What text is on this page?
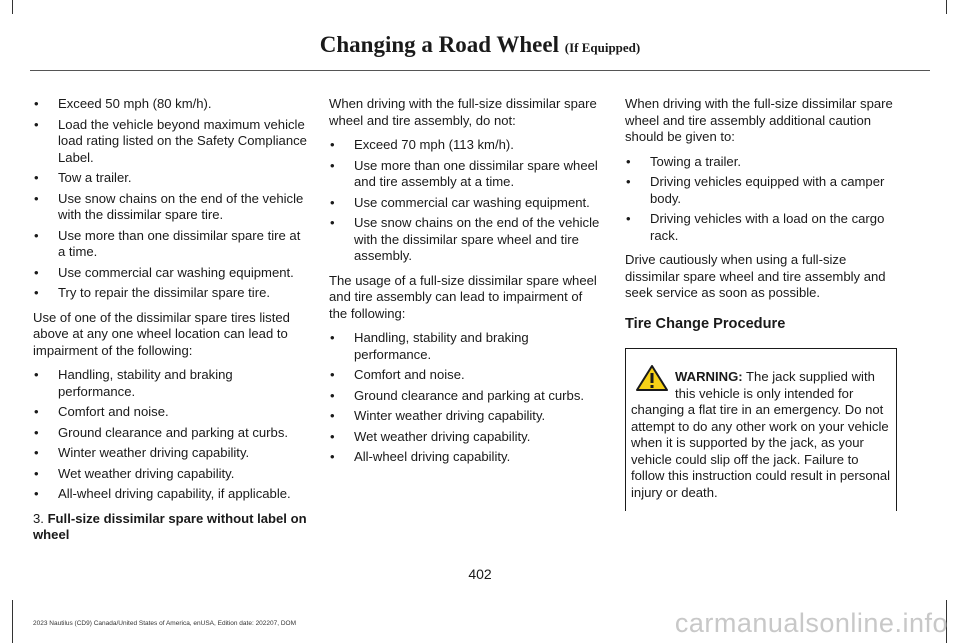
Changing a Road Wheel (If Equipped)
• Exceed 50 mph (80 km/h).
• Load the vehicle beyond maximum vehicle load rating listed on the Safety Compliance Label.
• Tow a trailer.
• Use snow chains on the end of the vehicle with the dissimilar spare tire.
• Use more than one dissimilar spare tire at a time.
• Use commercial car washing equipment.
• Try to repair the dissimilar spare tire.

Use of one of the dissimilar spare tires listed above at any one wheel location can lead to impairment of the following:

• Handling, stability and braking performance.
• Comfort and noise.
• Ground clearance and parking at curbs.
• Winter weather driving capability.
• Wet weather driving capability.
• All-wheel driving capability, if applicable.

3. Full-size dissimilar spare without label on wheel

When driving with the full-size dissimilar spare wheel and tire assembly, do not:

• Exceed 70 mph (113 km/h).
• Use more than one dissimilar spare wheel and tire assembly at a time.
• Use commercial car washing equipment.
• Use snow chains on the end of the vehicle with the dissimilar spare wheel and tire assembly.

The usage of a full-size dissimilar spare wheel and tire assembly can lead to impairment of the following:

• Handling, stability and braking performance.
• Comfort and noise.
• Ground clearance and parking at curbs.
• Winter weather driving capability.
• Wet weather driving capability.
• All-wheel driving capability.

When driving with the full-size dissimilar spare wheel and tire assembly additional caution should be given to:

• Towing a trailer.
• Driving vehicles equipped with a camper body.
• Driving vehicles with a load on the cargo rack.

Drive cautiously when using a full-size dissimilar spare wheel and tire assembly and seek service as soon as possible.

Tire Change Procedure
WARNING: The jack supplied with this vehicle is only intended for changing a flat tire in an emergency. Do not attempt to do any other work on your vehicle when it is supported by the jack, as your vehicle could slip off the jack. Failure to follow this instruction could result in personal injury or death.
402
2023 Nautilus (CD9) Canada/United States of America, enUSA, Edition date: 202207, DOM	carmanualsonline.info
